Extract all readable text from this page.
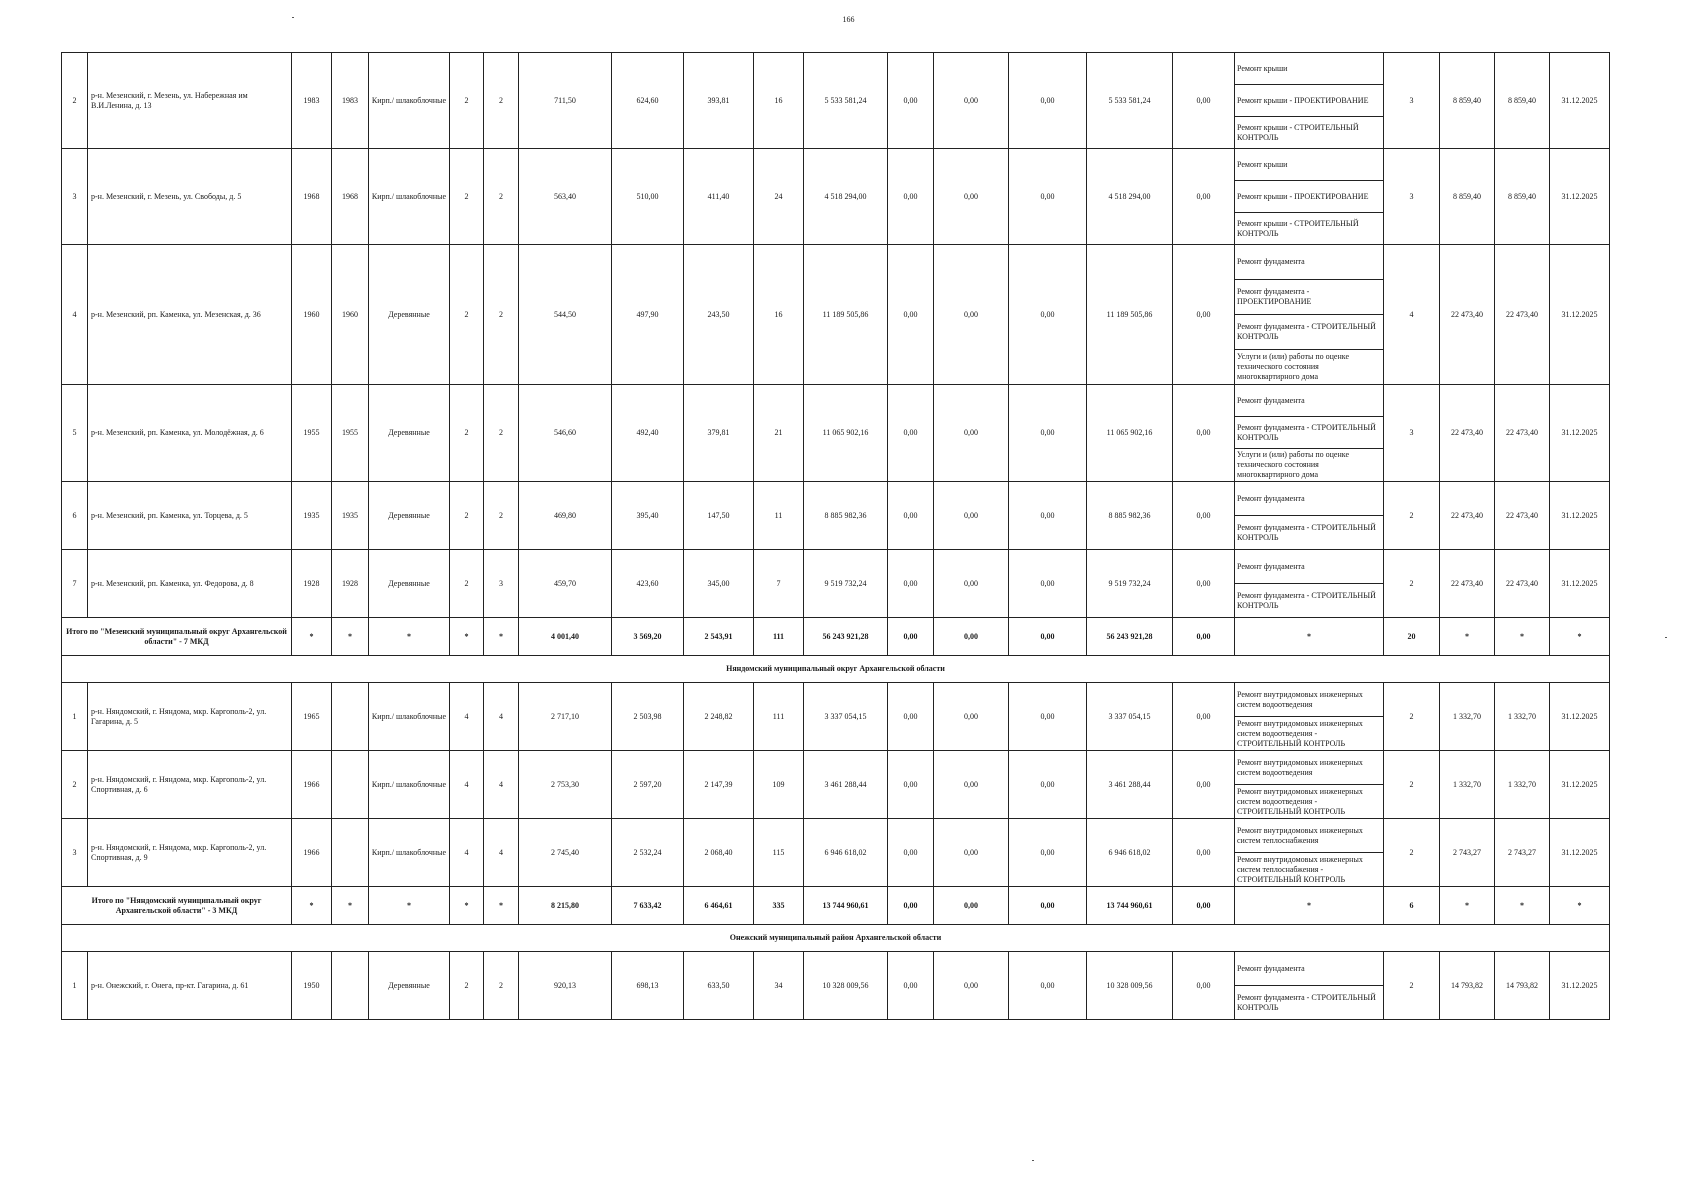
166
2	р-н. Мезенский, г. Мезень, ул. Набережная им В.И.Ленина, д. 13	1983	1983	Кирп./ шлакоблочные	2	2	711,50	624,60	393,81	16	5 533 581,24	0,00	0,00	0,00	5 533 581,24	0,00	Ремонт крыши	3	8 859,40	8 859,40	31.12.2025
																	Ремонт крыши - ПРОЕКТИРОВАНИЕ				
																	Ремонт крыши - СТРОИТЕЛЬНЫЙ КОНТРОЛЬ				
3	р-н. Мезенский, г. Мезень, ул. Свободы, д. 5	1968	1968	Кирп./ шлакоблочные	2	2	563,40	510,00	411,40	24	4 518 294,00	0,00	0,00	0,00	4 518 294,00	0,00	Ремонт крыши	3	8 859,40	8 859,40	31.12.2025
																	Ремонт крыши - ПРОЕКТИРОВАНИЕ				
																	Ремонт крыши - СТРОИТЕЛЬНЫЙ КОНТРОЛЬ				
4	р-н. Мезенский, рп. Каменка, ул. Мезенская, д. 36	1960	1960	Деревянные	2	2	544,50	497,90	243,50	16	11 189 505,86	0,00	0,00	0,00	11 189 505,86	0,00	Ремонт фундамента	4	22 473,40	22 473,40	31.12.2025
																	Ремонт фундамента - ПРОЕКТИРОВАНИЕ				
																	Ремонт фундамента - СТРОИТЕЛЬНЫЙ КОНТРОЛЬ				
																	Услуги и (или) работы по оценке технического состояния многоквартирного дома				
5	р-н. Мезенский, рп. Каменка, ул. Молодёжная, д. 6	1955	1955	Деревянные	2	2	546,60	492,40	379,81	21	11 065 902,16	0,00	0,00	0,00	11 065 902,16	0,00	Ремонт фундамента	3	22 473,40	22 473,40	31.12.2025
																	Ремонт фундамента - СТРОИТЕЛЬНЫЙ КОНТРОЛЬ				
																	Услуги и (или) работы по оценке технического состояния многоквартирного дома				
6	р-н. Мезенский, рп. Каменка, ул. Торцева, д. 5	1935	1935	Деревянные	2	2	469,80	395,40	147,50	11	8 885 982,36	0,00	0,00	0,00	8 885 982,36	0,00	Ремонт фундамента	2	22 473,40	22 473,40	31.12.2025
																	Ремонт фундамента - СТРОИТЕЛЬНЫЙ КОНТРОЛЬ				
7	р-н. Мезенский, рп. Каменка, ул. Федорова, д. 8	1928	1928	Деревянные	2	3	459,70	423,60	345,00	7	9 519 732,24	0,00	0,00	0,00	9 519 732,24	0,00	Ремонт фундамента	2	22 473,40	22 473,40	31.12.2025
																	Ремонт фундамента - СТРОИТЕЛЬНЫЙ КОНТРОЛЬ				
Итого по "Мезенский муниципальный округ Архангельской области" - 7 МКД		*	*	*	*	*	4 001,40	3 569,20	2 543,91	111	56 243 921,28	0,00	0,00	0,00	56 243 921,28	0,00	*	20	*	*	*
Няндомский муниципальный округ Архангельской области																					
1	р-н. Няндомский, г. Няндома, мкр. Каргополь-2, ул. Гагарина, д. 5	1965		Кирп./ шлакоблочные	4	4	2 717,10	2 503,98	2 248,82	111	3 337 054,15	0,00	0,00	0,00	3 337 054,15	0,00	Ремонт внутридомовых инженерных систем водоотведения	2	1 332,70	1 332,70	31.12.2025
																	Ремонт внутридомовых инженерных систем водоотведения - СТРОИТЕЛЬНЫЙ КОНТРОЛЬ				
2	р-н. Няндомский, г. Няндома, мкр. Каргополь-2, ул. Спортивная, д. 6	1966		Кирп./ шлакоблочные	4	4	2 753,30	2 597,20	2 147,39	109	3 461 288,44	0,00	0,00	0,00	3 461 288,44	0,00	Ремонт внутридомовых инженерных систем водоотведения	2	1 332,70	1 332,70	31.12.2025
																	Ремонт внутридомовых инженерных систем водоотведения - СТРОИТЕЛЬНЫЙ КОНТРОЛЬ				
3	р-н. Няндомский, г. Няндома, мкр. Каргополь-2, ул. Спортивная, д. 9	1966		Кирп./ шлакоблочные	4	4	2 745,40	2 532,24	2 068,40	115	6 946 618,02	0,00	0,00	0,00	6 946 618,02	0,00	Ремонт внутридомовых инженерных систем теплоснабжения	2	2 743,27	2 743,27	31.12.2025
																	Ремонт внутридомовых инженерных систем теплоснабжения - СТРОИТЕЛЬНЫЙ КОНТРОЛЬ				
Итого по "Няндомский муниципальный округ Архангельской области" - 3 МКД		*	*	*	*	*	8 215,80	7 633,42	6 464,61	335	13 744 960,61	0,00	0,00	0,00	13 744 960,61	0,00	*	6	*	*	*
Онежский муниципальный район Архангельской области																					
1	р-н. Онежский, г. Онега, пр-кт. Гагарина, д. 61	1950		Деревянные	2	2	920,13	698,13	633,50	34	10 328 009,56	0,00	0,00	0,00	10 328 009,56	0,00	Ремонт фундамента	2	14 793,82	14 793,82	31.12.2025
																	Ремонт фундамента - СТРОИТЕЛЬНЫЙ КОНТРОЛЬ				
